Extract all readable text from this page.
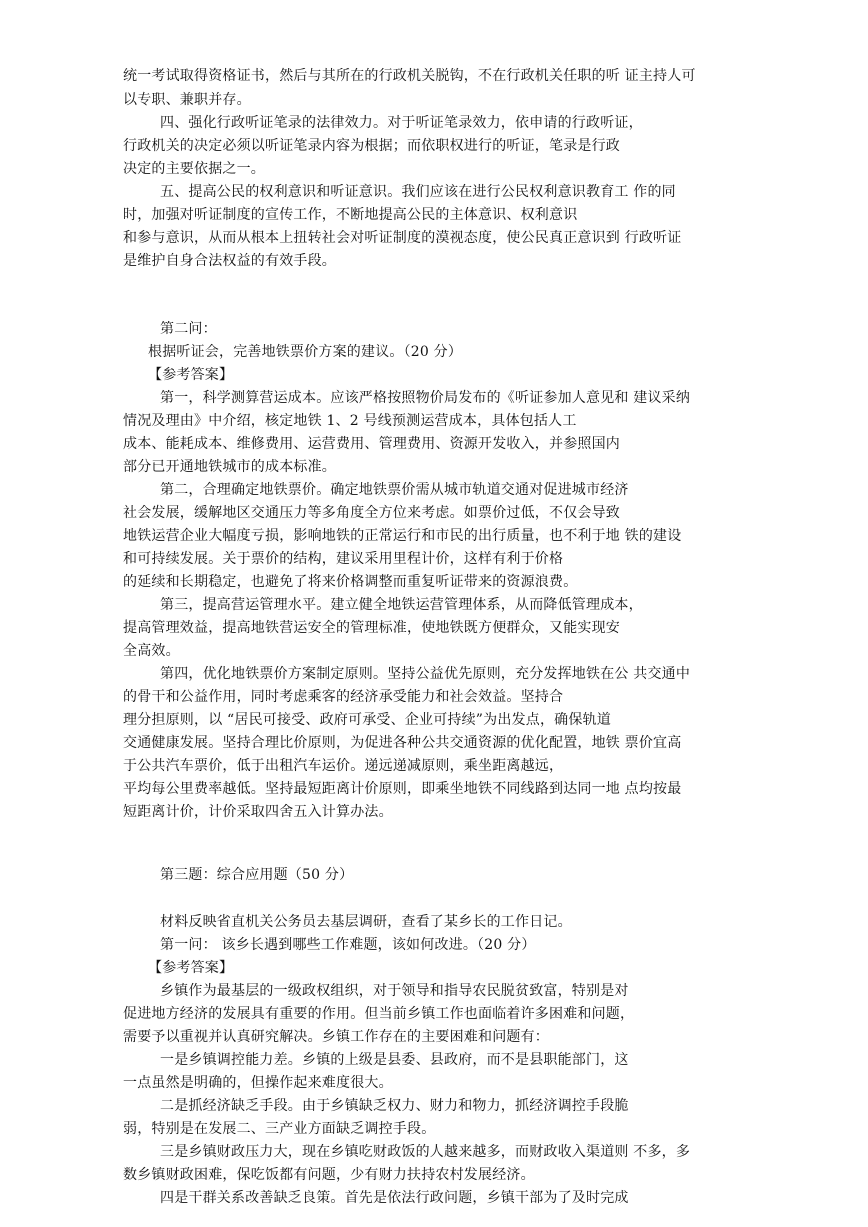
统一考试取得资格证书，然后与其所在的行政机关脱钩，不在行政机关任职的听 证主持人可
以专职、兼职并存。
四、强化行政听证笔录的法律效力。对于听证笔录效力，依申请的行政听证，
行政机关的决定必须以听证笔录内容为根据；而依职权进行的听证，笔录是行政
决定的主要依据之一。
五、提高公民的权利意识和听证意识。我们应该在进行公民权利意识教育工 作的同
时，加强对听证制度的宣传工作，不断地提高公民的主体意识、权利意识
和参与意识，从而从根本上扭转社会对听证制度的漠视态度，使公民真正意识到 行政听证
是维护自身合法权益的有效手段。
第二问：
根据听证会，完善地铁票价方案的建议。（20 分）
【参考答案】
第一，科学测算营运成本。应该严格按照物价局发布的《听证参加人意见和 建议采纳
情况及理由》中介绍，核定地铁 1、2 号线预测运营成本，具体包括人工
成本、能耗成本、维修费用、运营费用、管理费用、资源开发收入，并参照国内
部分已开通地铁城市的成本标准。
第二，合理确定地铁票价。确定地铁票价需从城市轨道交通对促进城市经济
社会发展，缓解地区交通压力等多角度全方位来考虑。如票价过低，不仅会导致
地铁运营企业大幅度亏损，影响地铁的正常运行和市民的出行质量，也不利于地 铁的建设
和可持续发展。关于票价的结构，建议采用里程计价，这样有利于价格
的延续和长期稳定，也避免了将来价格调整而重复听证带来的资源浪费。
第三，提高营运管理水平。建立健全地铁运营管理体系，从而降低管理成本，
提高管理效益，提高地铁营运安全的管理标准，使地铁既方便群众，又能实现安
全高效。
第四，优化地铁票价方案制定原则。坚持公益优先原则，充分发挥地铁在公 共交通中
的骨干和公益作用，同时考虑乘客的经济承受能力和社会效益。坚持合
理分担原则，以 “居民可接受、政府可承受、企业可持续”为出发点，确保轨道
交通健康发展。坚持合理比价原则，为促进各种公共交通资源的优化配置，地铁 票价宜高
于公共汽车票价，低于出租汽车运价。递远递减原则，乘坐距离越远，
平均每公里费率越低。坚持最短距离计价原则，即乘坐地铁不同线路到达同一地 点均按最
短距离计价，计价采取四舍五入计算办法。
第三题：综合应用题（50 分）
材料反映省直机关公务员去基层调研，查看了某乡长的工作日记。
第一问： 该乡长遇到哪些工作难题，该如何改进。（20 分）
【参考答案】
乡镇作为最基层的一级政权组织，对于领导和指导农民脱贫致富，特别是对
促进地方经济的发展具有重要的作用。但当前乡镇工作也面临着许多困难和问题，
需要予以重视并认真研究解决。乡镇工作存在的主要困难和问题有：
一是乡镇调控能力差。乡镇的上级是县委、县政府，而不是县职能部门，这
一点虽然是明确的，但操作起来难度很大。
二是抓经济缺乏手段。由于乡镇缺乏权力、财力和物力，抓经济调控手段脆
弱，特别是在发展二、三产业方面缺乏调控手段。
三是乡镇财政压力大，现在乡镇吃财政饭的人越来越多，而财政收入渠道则 不多，多
数乡镇财政困难，保吃饭都有问题，少有财力扶持农村发展经济。
四是干群关系改善缺乏良策。首先是依法行政问题，乡镇干部为了及时完成
